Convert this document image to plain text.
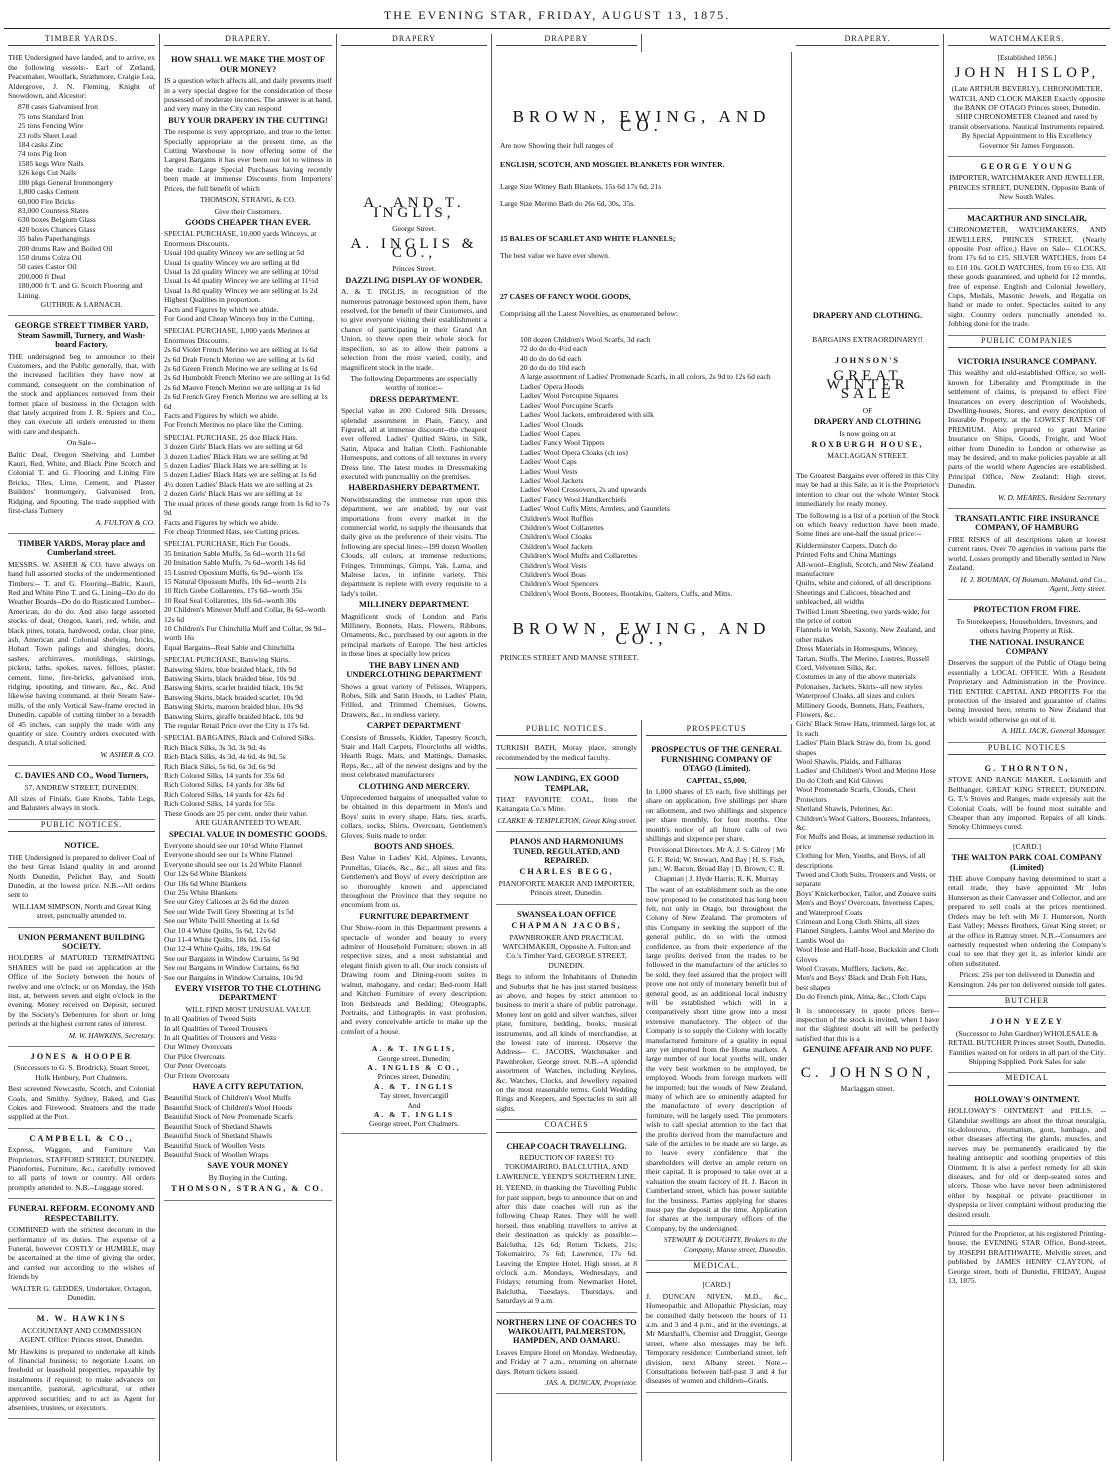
THE EVENING STAR, FRIDAY, AUGUST 13, 1875.
TIMBER YARDS.

THE Undersigned have landed, and to arrive, ex the following vessels:- Earl of Zetland, Peacemaker, Woollark, Strathmore, Craigie Lea, Aldergrove, J. N. Fleming, Knight of Snowdown, and Alcestor:

878 cases Galvanised Iron
75 tons Standard Iron
25 tons Fencing Wire
23 rolls Sheet Lead
184 casks Zinc
74 tons Pig Iron
1585 kegs Wire Nails
126 kegs Cut Nails
180 pkgs General Ironmongery
1,800 casks Cement
60,000 Fire Bricks
83,000 Countess Slates
630 boxes Belgium Glass
420 boxes Chances Glass
35 bales Paperhangings
200 drums Raw and Boiled Oil
150 drums Colza Oil
50 cases Castor Oil
200,000 ft Deal
180,000 ft T. and G. Scotch Flooring and Lining.

GUTHRIE & LARNACH.

GEORGE STREET TIMBER YARD, Steam Sawmill, Turnery, and Wash-board Factory.

THE undersigned beg to announce to their Customers, and the Public generally, that, with the increased facilities they have now at command, consequent on the combination of the stock and appliances removed from their former place of business in the Octagon with that lately acquired from J. R. Spiers and Co., they can execute all orders entrusted to them with care and despatch.

On Sale--

Baltic Deal, Oregon Shelving and Lumber Kauri, Red, White, and Black Pine Scotch and Colonial T. and G. Flooring and Lining Fire Bricks, Tiles, Lime, Cement, and Plaster Builders' Ironmongery, Galvanised Iron, Ridging, and Spouting. The trade supplied with first-class Turnery

A. FULTON & CO.

TIMBER YARDS, Moray place and Cumberland street.

MESSRS. W. ASHER & CO. have always on hand full assorted stocks of the undermentioned Timbers:-- T. and G. Flooring--Baltic, Kauri, Red and White Pine T. and G. Lining--Do do do Weather Boards--Do do do Rusticated Lumber--American, do do do. And also large assorted stocks of deal, Oregon, kauri, red, white, and black pines, totara, hardwood, cedar, clear pine, ash, American and Colonial shelving, bricks, Hobart Town palings and shingles, doors, sashes, architraves, mouldings, skirtings, pickets, laths, spokes, naves, felloes, plaster, cement, lime, fire-bricks, galvanised iron, ridging, spouting, and tinware, &c., &c. And likewise having command, at their Steam Saw-mills, of the only Vertical Saw-frame erected in Dunedin, capable of cutting timber to a breadth of 45 inches, can supply the trade with any quantity or size. Country orders executed with despatch. A trial solicited.

W. ASHER & CO.

C. DAVIES AND CO., Wood Turners,

57, ANDREW STREET, DUNEDIN.

All sizes of Finials, Gate Knobs, Table Legs, and Balusters always in stock.

PUBLIC NOTICES.

NOTICE.

THE Undersigned is prepared to deliver Coal of the best Great Island quality in and around North Dunedin, Pelichet Bay, and South Dunedin, at the lowest price. N.B.--All orders sent to

WILLIAM SIMPSON, North and Great King street, punctually attended to.

UNION PERMANENT BUILDING SOCIETY.

HOLDERS of MATURED TERMINATING SHARES will be paid on application at the Office of the Society between the hours of twelve and one o'clock; or on Monday, the 16th inst, at, between seven and eight o'clock in the evening. Money received on Deposit, secured by the Society's Debentures for short or long periods at the highest current rates of interest.

M. W. HAWKINS, Secretary.

JONES & HOOPER

(Successors to G. S. Brodrick), Stuart Street, Holk Henbury, Port Chalmers.

Best screened Newcastle, Scotch, and Colonial Coals, and Smithy. Sydney, Baked, and Gas Cokes and Firewood. Steamers and the trade supplied at the Port.

CAMPBELL & CO.,

Express, Waggon, and Furniture Van Proprietors, STAFFORD STREET, DUNEDIN. Pianofortes, Furniture, &c., carefully removed to all parts of town or country. All orders promptly attended to. N.B.--Luggage stored.

FUNERAL REFORM. ECONOMY AND RESPECTABILITY.

COMBINED with the strictest decorum in the performance of its duties. The expense of a Funeral, however COSTLY or HUMBLE, may be ascertained at the time of giving the order, and carried out according to the wishes of friends by

WALTER G. GEDDES, Undertaker, Octagon, Dunedin.

M. W. HAWKINS

ACCOUNTANT AND COMMISSION AGENT. Office: Princes street, Dunedin.

Mr Hawkins is prepared to undertake all kinds of financial business; to negotiate Loans on freehold or leasehold properties, repayable by instalments if required; to make advances on mercantile, pastoral, agricultural, or other approved securities; and to act as Agent for absentees, trustees, or executors.

DRAPERY.

HOW SHALL WE MAKE THE MOST OF OUR MONEY?

IS a question which affects all, and daily presents itself in a very special degree for the consideration of those possessed of moderate incomes. The answer is at hand, and very many in the City can respond

BUY YOUR DRAPERY IN THE CUTTING!

The response is very appropriate, and true to the letter. Specially appropriate at the present time, as the Cutting Warehouse is now offering some of the Largest Bargains it has ever been our lot to witness in the trade. Large Special Purchases having recently been made at immense Discounts from Importers' Prices, the full benefit of which

THOMSON, STRANG, & CO.

Give their Customers.

GOODS CHEAPER THAN EVER.

SPECIAL PURCHASE, 10,000 yards Winceys, at Enormous Discounts.
Usual 10d quality Wincey we are selling at 5d
Usual 1s quality Wincey we are selling at 8d
Usual 1s 2d quality Wincey we are selling at 10½d
Usual 1s 4d quality Wincey we are selling at 11½d
Usual 1s 8d quality Wincey we are selling at 1s 2d
Highest Qualities in proportion.
Facts and Figures by which we abide.
For Good and Cheap Winceys buy in the Cutting.
SPECIAL PURCHASE, 1,000 yards Merinos at Enormous Discounts.
2s 6d Violet French Merino we are selling at 1s 6d
2s 6d Drab French Merino we are selling at 1s 6d
2s 6d Green French Merino we are selling at 1s 6d
2s 6d Humboldt French Merino we are selling at 1s 6d
2s 6d Mauve French Merino we are selling at 1s 6d
2s 6d French Grey French Merino we are selling at 1s 6d
Facts and Figures by which we abide.
For French Merinos no place like the Cutting.
SPECIAL PURCHASE, 25 doz Black Hats.
3 dozen Girls' Black Hats we are selling at 6d
3 dozen Ladies' Black Hats we are selling at 9d
5 dozen Ladies' Black Hats we are selling at 1s
5 dozen Ladies' Black Hats we are selling at 1s 6d
4½ dozen Ladies' Black Hats we are selling at 2s
2 dozen Girls' Black Hats we are selling at 1s
The usual prices of these goods range from 1s 6d to 7s 9d
Facts and Figures by which we abide.
For cheap Trimmed Hats, see Cutting prices.
SPECIAL PURCHASE, Rich Fur Goods.
35 Imitation Sable Muffs, 5s 6d--worth 11s 6d
20 Imitation Sable Muffs, 7s 6d--worth 14s 6d
15 Lustred Opossum Muffs, 6s 9d--worth 15s
15 Natural Opossum Muffs, 10s 6d--worth 21s
10 Rich Grebe Collarettes, 17s 6d--worth 35s
10 Real Seal Collarettes, 10s 6d--worth 30s
20 Children's Minever Muff and Collar, 8s 6d--worth 12s 6d
10 Children's Fur Chinchilla Muff and Collar, 9s 9d--worth 16s
Equal Bargains--Real Sable and Chinchilla
SPECIAL PURCHASE, Batswing Skirts.
Batswing Skirts, blue braided black, 10s 9d
Batswing Skirts, black braided blue, 10s 9d
Batswing Skirts, scarlet braided black, 10s 9d
Batswing Skirts, black braided scarlet, 10s 9d
Batswing Skirts, maroon braided blue, 10s 9d
Batswing Skirts, giraffe braided black, 10s 9d
The regular Retail Price over the City is 17s 6d.
SPECIAL BARGAINS, Black and Colored Silks.
Rich Black Silks, 3s 3d, 3s 9d, 4s
Rich Black Silks, 4s 3d, 4s 6d, 4s 9d, 5s
Rich Black Silks, 5s 6d, 6s 3d, 6s 9d
Rich Colored Silks, 14 yards for 35s 6d
Rich Colored Silks, 14 yards for 38s 6d
Rich Colored Silks, 14 yards for 42s 6d
Rich Colored Silks, 14 yards for 55s
These Goods are 25 per cent. under their value.
ARE GUARANTEED TO WEAR.

SPECIAL VALUE IN DOMESTIC GOODS.

Everyone should see our 10½d White Flannel
Everyone should see our 1s White Flannel
Everyone should see our 1s 2d White Flannel
Our 12s 6d White Blankets
Our 18s 6d White Blankets
Our 25s White Blankets
See our Grey Calicoes at 2s 6d the dozen
See our Wide Twill Grey Sheeting at 1s 5d
See our White Twill Sheeting at 1s 6d
Our 10 4 White Quilts, 5s 6d, 12s 6d
Our 11-4 White Quilts, 10s 6d, 15s 6d
Our 12-4 White Quilts, 18s, 19s 6d
See our Bargains in Window Curtains, 5s 9d
See our Bargains in Window Curtains, 6s 9d
See our Bargains in Window Curtains, 10s 9d

EVERY VISITOR TO THE CLOTHING DEPARTMENT

WILL FIND MOST UNUSUAL VALUE
In all Qualities of Tweed Suits
In all Qualities of Tweed Trousers
In all Qualities of Trousers and Vests
Our Witney Overcoats
Our Pilot Overcoats
Our Peter Overcoats
Our Frieze Overcoats

HAVE A CITY REPUTATION.

Beautiful Stock of Children's Wool Muffs
Beautiful Stock of Children's Wool Hoods
Beautiful Stock of New Promenade Scarfs
Beautiful Stock of Shetland Shawls
Beautiful Stock of Shetland Shawls
Beautiful Stock of Woollen Vests
Beautiful Stock of Woollen Wraps

SAVE YOUR MONEY

By Buying in the Cutting.

THOMSON, STRANG, & CO.

DRAPERY
A. AND T. INGLIS,

George Street.

A. INGLIS & CO.,

Princes Street.

DAZZLING DISPLAY OF WONDER.

A. & T. INGLIS, in recognition of the numerous patronage bestowed upon them, have resolved, for the benefit of their Customers, and to give everyone visiting their establishment a chance of participating in their Grand Art Union, to throw open their whole stock for inspection, so as to allow their patrons a selection from the most varied, costly, and magnificent stock in the trade.

The following Departments are especially worthy of notice:--

DRESS DEPARTMENT.

Special value in 200 Colored Silk Dresses; splendid assortment in Plain, Fancy, and Figured, all at immense discount--the cheapest ever offered. Ladies' Quilted Skirts, in Silk, Satin, Alpaca and Italian Cloth. Fashionable Homespuns, and cottons of all textures in every Dress line. The latest modes in Dressmaking executed with punctuality on the premises.

HABERDASHERY DEPARTMENT.

Notwithstanding the immense run upon this department, we are enabled, by our vast importations from every market in the commercial world, to supply the thousands that daily give us the preference of their visits. The following are special lines:--199 dozen Woollen Clouds, all colors, at immense reductions; Fringes, Trimmings, Gimps, Yak, Lama, and Maltese laces, in infinite variety. This department is replete with every requisite to a lady's toilet.

MILLINERY DEPARTMENT.

Magnificent stock of London and Paris Millinery, Bonnets, Hats, Flowers, Ribbons, Ornaments, &c., purchased by our agents in the principal markets of Europe. The best articles in these lines at specially low prices

THE BABY LINEN AND UNDERCLOTHING DEPARTMENT

Shows a great variety of Pelisses, Wrappers, Robes, Silk and Satin Hoods, to Ladies' Plain, Frilled, and Trimmed Chemises, Gowns, Drawers, &c., in endless variety.

CARPET DEPARTMENT

Consists of Brussels, Kidder, Tapestry Scotch, Stair and Hall Carpets, Floorcloths all widths, Hearth Rugs, Mats, and Mattings, Damasks, Reps, &c., all of the newest designs and by the most celebrated manufacturers

CLOTHING AND MERCERY.

Unprecedented bargains of unequalled value to be obtained in this department in Men's and Boys' suits in every shape. Hats, ties, scarfs, collars, socks, Shirts, Overcoats, Gentlemen's Gloves. Suits made to order.

BOOTS AND SHOES.

Best Value in Ladies' Kid, Alpines, Levants, Prunellas, Glacés, &c., &c., all sizes and fits. Gentlemen's and Boys' of every description are so thoroughly known and appreciated throughout the Province that they require no encomium from us.

FURNITURE DEPARTMENT

Our Show-room in this Department presents a spectacle of wonder and beauty to every admirer of Household Furniture; shown in all respective sizes, and a most substantial and elegant finish given to all. Our stock consists of Drawing room and Dining-room suites in walnut, mahogany, and cedar; Bed-room Hall and Kitchen Furniture of every description; Iron Bedsteads and Bedding; Oleographs, Portraits, and Lithographs in vast profusion, and every conceivable article to make up the comfort of a house.

A. & T. INGLIS,
George street, Dunedin;
A. INGLIS & CO.,
Princes street, Dunedin;
A. & T. INGLIS
Tay street, Invercargill
And
A. & T. INGLIS
George street, Port Chalmers.
DRAPERY
BROWN, EWING, AND CO.

Are now Showing their full ranges of

ENGLISH, SCOTCH, AND MOSGIEL BLANKETS FOR WINTER.

Large Size Witney Bath Blankets, 15s 6d 17s 6d, 21s

Large Size Merino Bath do 26s 6d, 30s, 35s.

15 BALES OF SCARLET AND WHITE FLANNELS;

The best value we have ever shown.

27 CASES OF FANCY WOOL GOODS,

Comprising all the Latest Novelties, as enumerated below:

100 dozen Children's Wool Scarfs, 3d each
72 do do do 4½d each
40 do do do 6d each
20 do do do 10d each
A large assortment of Ladies' Promenade Scarfs, in all colors, 2s 9d to 12s 6d each
Ladies' Opera Hoods
Ladies' Wool Porcupine Squares
Ladies' Wool Porcupine Scarfs
Ladies' Wool Jackets, embroidered with silk
Ladies' Wool Clouds
Ladies' Wool Capes
Ladies' Fancy Wool Tippets
Ladies' Wool Opera Cloaks (ch ios)
Ladies' Wool Caps
Ladies' Wool Vests
Ladies' Wool Jackets
Ladies' Wool Crossovers, 2s and upwards
Ladies' Fancy Wool Handkerchiefs
Ladies' Wool Cuffs Mitts, Armlets, and Gauntlets
Children's Wool Ruffles
Children's Wool Collarettes
Children's Wool Cloaks
Children's Wool Jackets
Children's Wool Muffs and Collarettes
Children's Wool Vests
Children's Wool Boas
Children's Wool Spencers
Children's Wool Boots, Bootees, Bootakins, Gaiters, Cuffs, and Mitts.
BROWN, EWING, AND CO.,

PRINCES STREET AND MANSE STREET.

PUBLIC NOTICES.

TURKISH BATH, Moray place, strongly recommended by the medical faculty.

NOW LANDING, EX GOOD TEMPLAR,

THAT FAVORITE COAL, from the Kaitangata Co.'s Mine.

CLARKE & TEMPLETON, Great King street.

PIANOS AND HARMONIUMS TUNED, REGULATED, AND REPAIRED.

CHARLES BEGG,

PIANOFORTE MAKER AND IMPORTER, Princes street, Dunedin.

SWANSEA LOAN OFFICE

CHAPMAN JACOBS,

PAWNBROKER AND PRACTICAL WATCHMAKER, Opposite A. Fulton and Co.'s Timber Yard, GEORGE STREET, DUNEDIN.

Begs to inform the Inhabitants of Dunedin and Suburbs that he has just started business as above, and hopes by strict attention to business to merit a share of public patronage. Money lent on gold and silver watches, silver plate, furniture, bedding, books, musical instruments, and all kinds of merchandise, at the lowest rate of interest. Observe the Address-- C. JACOBS, Watchmaker and Pawnbroker, George street. N.B.--A splendid assortment of Watches, including Keyless, &c. Watches, Clocks, and Jewellery repaired on the most reasonable terms. Gold Wedding Rings and Keepers, and Spectacles to suit all sights.

COACHES

CHEAP COACH TRAVELLING.

REDUCTION OF FARES! TO TOKOMAIRIRO, BALCLUTHA, AND LAWRENCE, YEEND'S SOUTHERN LINE.

H. YEEND, in thanking the Travelling Public for past support, begs to announce that on and after this date coaches will run as the following Cheap Rates. They will be well horsed, thus enabling travellers to arrive at their destination as quickly as possible:--Balclutha, 12s 6d; Return Tickets, 21s; Tokomairiro, 7s 6d; Lawrence, 17s 6d. Leaving the Empire Hotel, High street, at 8 o'clock a.m. Mondays, Wednesdays, and Fridays; returning from Newmarket Hotel, Balclutha, Tuesdays, Thursdays, and Saturdays at 9 a.m.

NORTHERN LINE OF COACHES TO WAIKOUAITI, PALMERSTON, HAMPDEN, AND OAMARU.

Leaves Empire Hotel on Monday, Wednesday, and Friday at 7 a.m., returning on alternate days. Return tickets issued.

JAS. A. DUNCAN, Proprietor.

PROSPECTUS

PROSPECTUS OF THE GENERAL FURNISHING COMPANY OF OTAGO (Limited).

CAPITAL, £5,000,

In 1,000 shares of £5 each, five shillings per share on application, five shillings per share on allotment, and two shillings and sixpence per share monthly, for four months. One month's notice of all future calls of two shillings and sixpence per share.

Provisional Directors. Mr A. J. S. Gilroy | Mr G. F. Reid; W. Stewart, And Bay | H. S. Fish, jun.; W. Bacon, Broad Bay | D. Brown; C. R. Chapman | J. Hyde Harris; R. K. Murray

The want of an establishment such as the one now proposed to be constituted has long been felt, not only in Otago, but throughout the Colony of New Zealand. The promoters of this Company in seeking the support of the general public, do so with the utmost confidence, as from their experience of the large profits derived from the trades to be followed in the manufacture of the articles to be sold, they feel assured that the project will prove one not only of monetary benefit but of general good, as an additional local industry will be established which will in a comparatively short time grow into a most extensive manufactory. The object of the Company is to supply the Colony with locally manufactured furniture of a quality in equal any yet imported from the Home markets. A large number of our local youths will, under the very best workmen to be employed, be employed. Woods from foreign markets will be imported; but the woods of New Zealand, many of which are so eminently adapted for the manufacture of every description of furniture, will be largely used. The promoters wish to call special attention to the fact that the profits derived from the manufacture and sale of the articles to be made are so large, as to leave every confidence that the shareholders will derive an ample return on their capital. It is proposed to take over at a valuation the steam factory of H. J. Bacon in Cumberland street, which has power suitable for the business. Parties applying for shares must pay the deposit at the time. Application for shares at the temporary offices of the Company, by the undersigned.

STEWART & DOUGHTY, Brokers to the Company, Manse street, Dunedin.

MEDICAL.

[CARD.]

J. DUNCAN NIVEN, M.D., &c., Homeopathic and Allopathic Physician, may be consulted daily between the hours of 11 a.m. and 3 and 4 p.m., and in the evenings, at Mr Marshall's, Chemist and Druggist, George street, where also messages may be left. Temporary residence: Cumberland street, left division, next Albany street. Note.--Consultations between half-past 3 and 4 for diseases of women and children--Gratis.

DRAPERY.

DRAPERY AND CLOTHING.

BARGAINS EXTRAORDINARY!!

JOHNSON'S

GREAT WINTER SALE

OF

DRAPERY AND CLOTHING

Is now going on at

ROXBURGH HOUSE,

MACLAGGAN STREET.

The Greatest Bargains ever offered in this City may be had at this Sale, as it is the Proprietor's intention to clear out the whole Winter Stock immediately for ready money.

The following is a list of a portion of the Stock on which heavy reduction have been made. Some lines are one-half the usual price:--

Kidderminster Carpets, Dutch do
Printed Felts and China Mattings
All-wool--English, Scotch, and New Zealand manufacture
Quilts, white and colored, of all descriptions
Sheetings and Calicoes, bleached and unbleached, all widths
Twilled Linen Sheeting, two yards wide, for the price of cotton
Flannels in Welsh, Saxony, New Zealand, and other makes
Dress Materials in Homespuns, Wincey, Tartan, Stuffs. The Merino, Lustres, Russell Cord, Velveteen Silks, &c.
Costumes in any of the above materials
Polonaises, Jackets, Skirts--all new styles
Waterproof Cloaks, all sizes and colors
Millinery Goods, Bonnets, Hats, Feathers, Flowers, &c.
Girls' Black Straw Hats, trimmed, large lot, at 1s each
Ladies' Plain Black Straw do, from 1s, good shapes
Wool Shawls, Plaids, and Falliaras
Ladies' and Children's Wool and Merino Hose
Do do Cloth and Kid Gloves
Wool Promenade Scarfs, Clouds, Chest Protectors
Shetland Shawls, Pelerines, &c.
Children's Wool Gaiters, Bootees, Infantees, &c.
For Muffs and Boas, at immense reduction in price
Clothing for Men, Youths, and Boys, of all descriptions
Tweed and Cloth Suits, Trousers and Vests, or separate
Boys' Knickerbocker, Tailor, and Zouave suits
Men's and Boys' Overcoats, Inverness Capes, and Waterproof Coats
Crimean and Long Cloth Shirts, all sizes
Flannel Singlets, Lambs Wool and Merino do
Lambs Wool do
Wool Hose and Half-hose, Buckskin and Cloth Gloves
Wool Cravats, Mufflers, Jackets, &c.
Men's and Boys' Black and Drab Felt Hats, best shapes
Do do French pink, Alma, &c., Cloth Caps

It is unnecessary to quote prices here--inspection of the stock is invited, when I have not the slightest doubt all will be perfectly satisfied that this is a

GENUINE AFFAIR AND NO PUFF.

C. JOHNSON,

Maclaggan street.

WATCHMAKERS.

[Established 1856.]

JOHN HISLOP,

(Late ARTHUR BEVERLY), CHRONOMETER, WATCH, AND CLOCK MAKER Exactly opposite the BANK OF OTAGO Princes street, Dunedin. SHIP CHRONOMETER Cleaned and rated by transit observations. Nautical Instruments repaired. By Special Appointment to His Excellency Governor Sir James Fergusson.

GEORGE YOUNG

IMPORTER, WATCHMAKER AND JEWELLER, PRINCES STREET, DUNEDIN, Opposite Bank of New South Wales.

MACARTHUR AND SINCLAIR,

CHRONOMETER, WATCHMAKERS, AND JEWELLERS, PRINCES STREET, (Nearly opposite Post office,) Have on Sale-- CLOCKS, from 17s 6d to £15. SILVER WATCHES, from £4 to £10 10s. GOLD WATCHES, from £6 to £35. All these goods guaranteed, and upheld for 12 months, free of expense. English and Colonial Jewellery, Cups, Medals, Masonic Jewels, and Regalia on hand or made to order. Spectacles suited to any sight. Country orders punctually attended to. Jobbing done for the trade.

PUBLIC COMPANIES

VICTORIA INSURANCE COMPANY.

This wealthy and old-established Office, so well-known for Liberality and Promptitude in the settlement of claims, is prepared to effect Fire Insurances on every description of Woolsheds, Dwelling-houses, Stores, and every description of Insurable Property, at the LOWEST RATES OF PREMIUM. Also prepared to grant Marine Insurance on Ships, Goods, Freight, and Wool either from Dunedin to London or otherwise as may be desired, and to make policies payable at all parts of the world where Agencies are established. Principal Office, New Zealand: High street, Dunedin.

W. D. MEARES, Resident Secretary

TRANSATLANTIC FIRE INSURANCE COMPANY, OF HAMBURG

FIRE RISKS of all descriptions taken at lowest current rates. Over 70 agencies in various parts the world. Losses promptly and liberally settled in New Zealand.

H. J. BOUMAN, Of Bouman, Mahaud, and Co., Agent, Jetty street.

PROTECTION FROM FIRE.

To Storekeepers, Householders, Investors, and others having Property at Risk.

THE NATIONAL INSURANCE COMPANY

Deserves the support of the Public of Otago being essentially a LOCAL OFFICE. With a Resident Proprietary and Administration in the Province. THE ENTIRE CAPITAL AND PROFITS For the protection of the insured and guarantee of claims being invested here, returns to New Zealand that which would otherwise go out of it.

A. HILL JACK, General Manager.

PUBLIC NOTICES

G. THORNTON,

STOVE AND RANGE MAKER, Locksmith and Bellhanger, GREAT KING STREET, DUNEDIN. G. T.'s Stoves and Ranges, made expressly suit the Colonial Coals, will be found most suitable and Cheaper than any imported. Repairs of all kinds. Smoky Chimneys cured.

[CARD.]

THE WALTON PARK COAL COMPANY (Limited)

THE above Company having determined to start a retail trade, they have appointed Mr John Hunterson as their Canvasser and Collector, and are prepared to sell coals at the prices mentioned. Orders may be left with Mr J. Hunterson, North East Valley; Messrs Brothers, Great King street; or at the office in Rattray street. N.B.--Consumers are earnestly requested when ordering the Company's coal to see that they get it, as inferior kinds are often substituted.

Prices: 25s per ton delivered in Dunedin and Kensington. 24s per ton delivered outside toll gates.

BUTCHER

JOHN YEZEY

(Successor to John Gardner) WHOLESALE & RETAIL BUTCHER Princes street South, Dunedin. Families waited on for orders in all part of the City. Shipping Supplied. Pork Sales for sale

MEDICAL

HOLLOWAY'S OINTMENT.

HOLLOWAY'S OINTMENT and PILLS. -- Glandular swellings are about the throat neuralgia, tic-doloureux, rheumatism, gout, lumbago, and other diseases affecting the glands, muscles, and nerves may be permanently eradicated by the healing antiseptic and soothing properties of this Ointment. It is also a perfect remedy for all skin diseases, and for old or deep-seated sores and ulcers. Those who have never been administered either by hospital or private practitioner in dyspepsia or liver complaint without producing the desired result.

Printed for the Proprietor, at his registered Printing-house, the EVENING STAR Office, Bond-street, by JOSEPH BRAITHWAITE, Melville street, and published by JAMES HENRY CLAYTON, of George street, both of Dunedin, FRIDAY, August 13, 1875.
